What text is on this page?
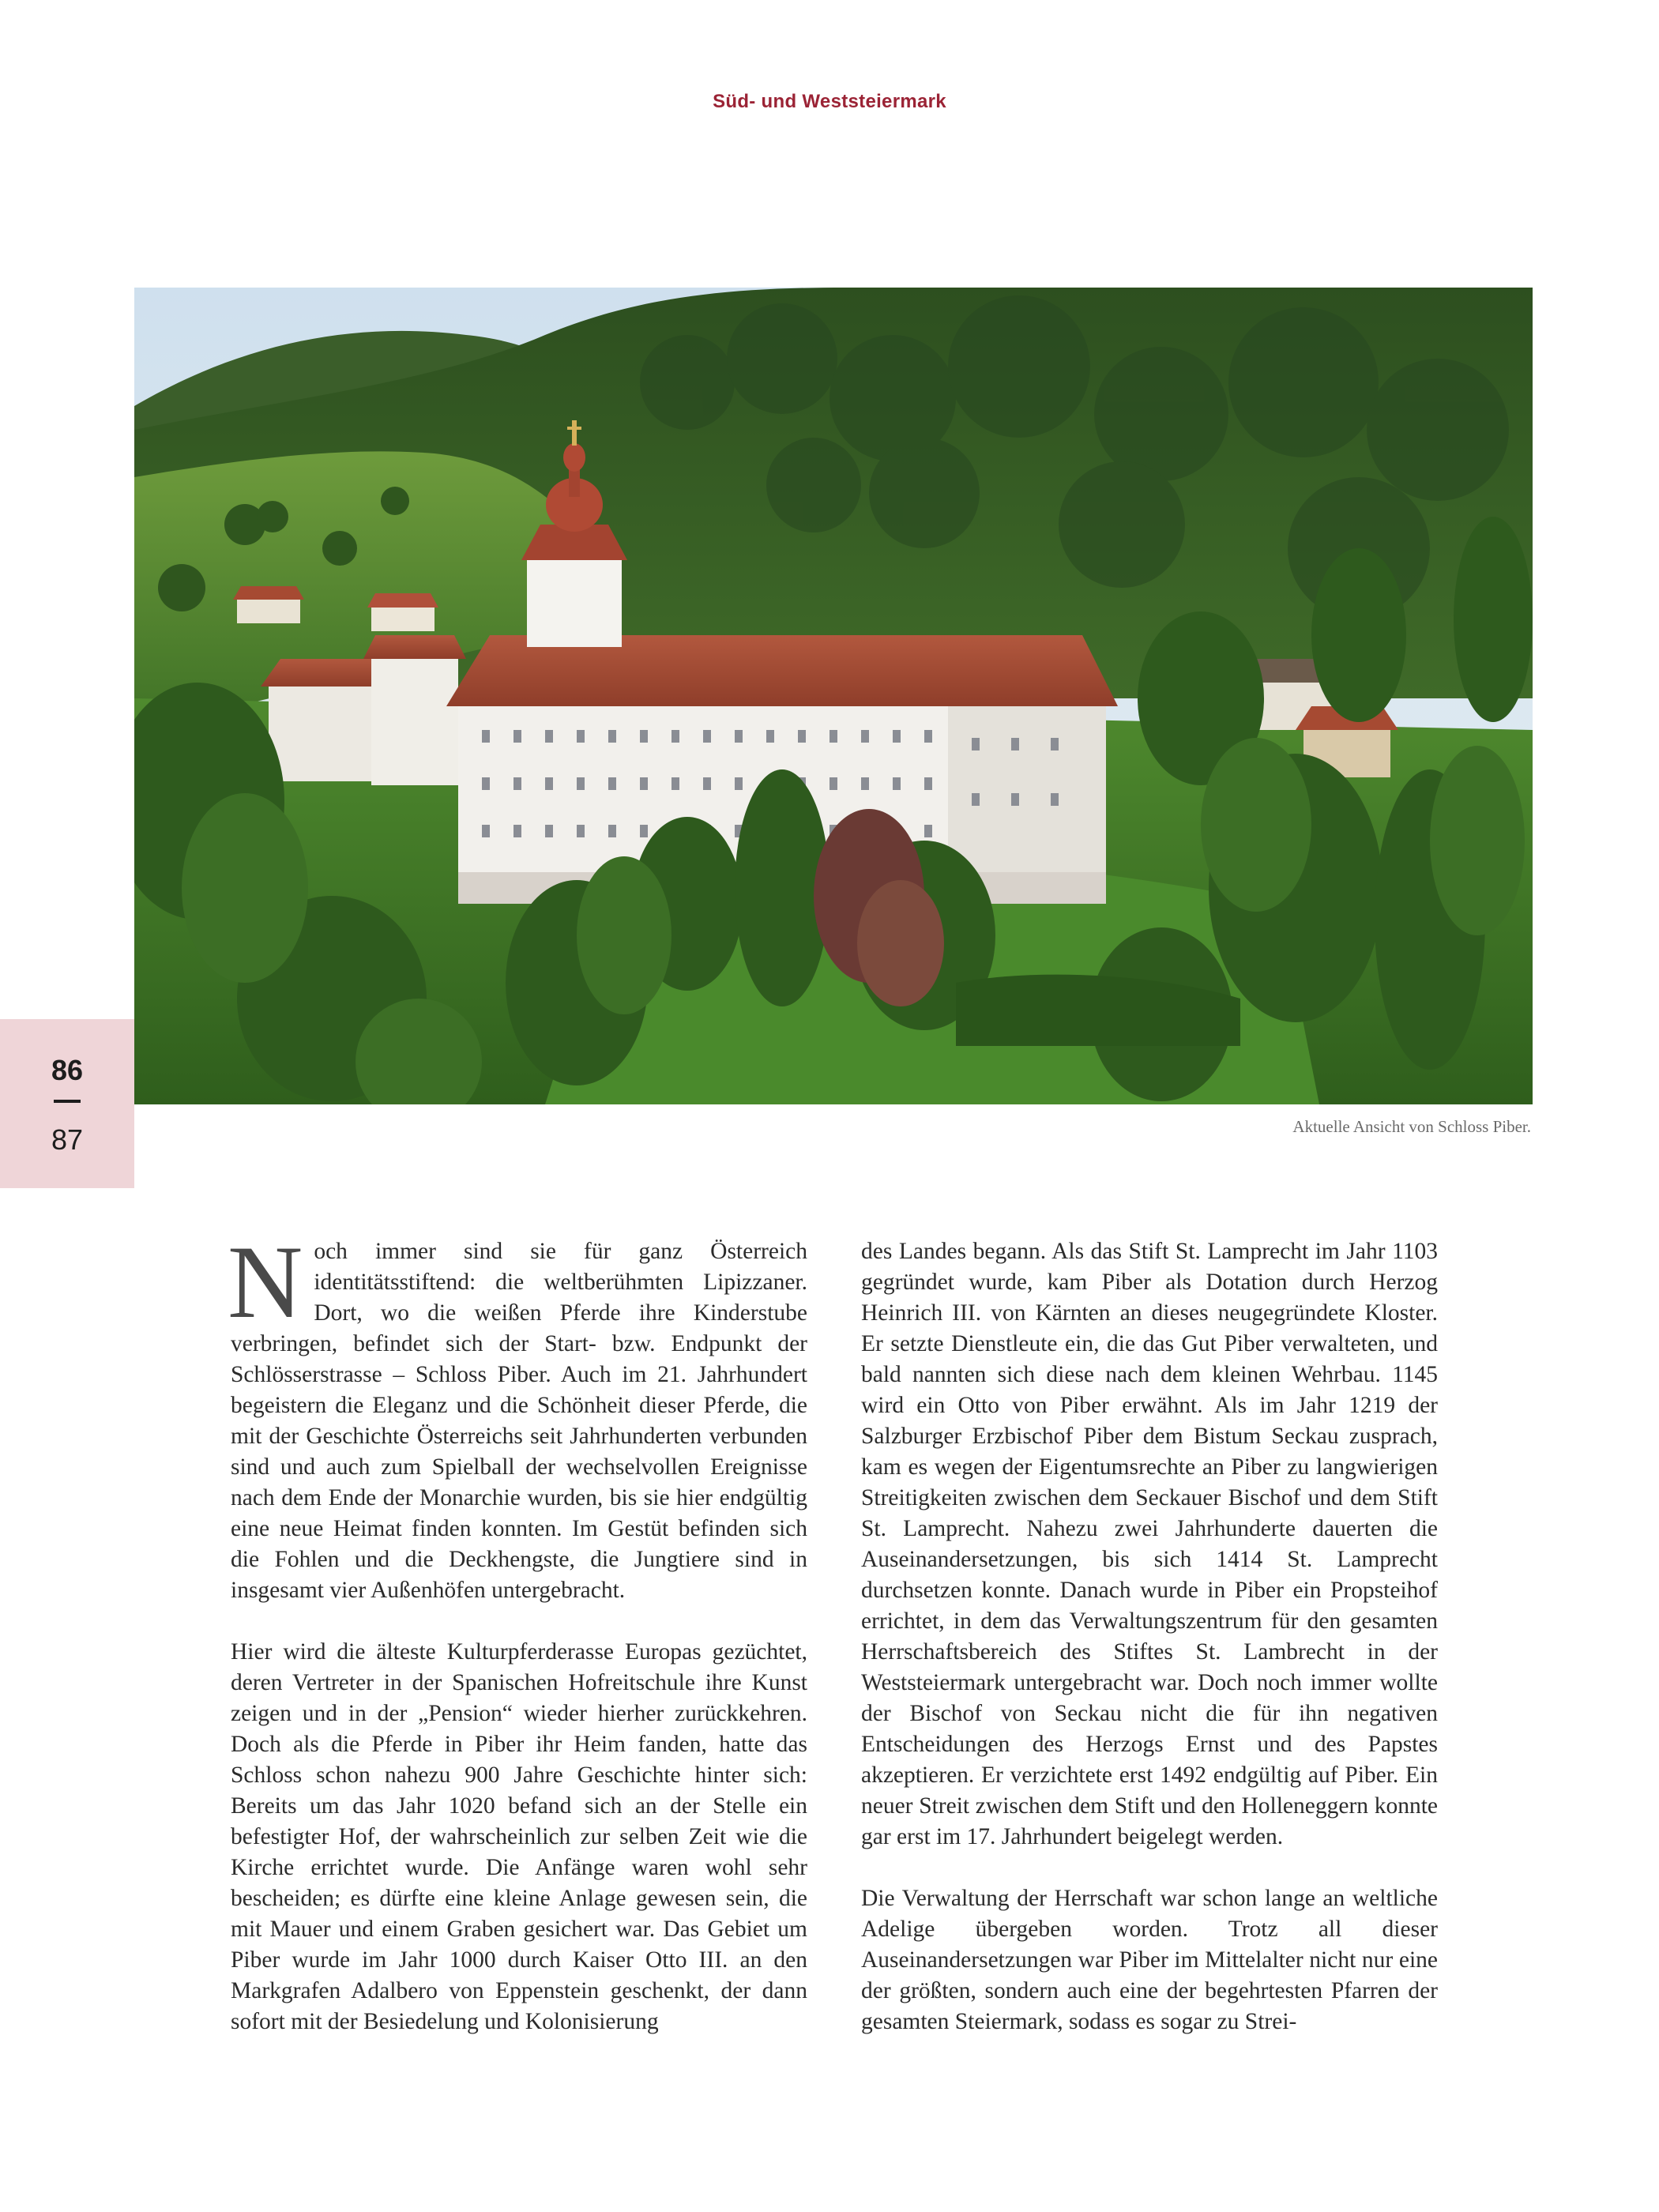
Süd- und Weststeiermark
Aktuelle Ansicht von Schloss Piber.
86
87

Noch immer sind sie für ganz Österreich identitätsstiftend: die weltberühmten Lipizzaner. Dort, wo die weißen Pferde ihre Kinderstube verbringen, befindet sich der Start- bzw. Endpunkt der Schlösserstrasse – Schloss Piber. Auch im 21. Jahrhundert begeistern die Eleganz und die Schönheit dieser Pferde, die mit der Geschichte Österreichs seit Jahrhunderten verbunden sind und auch zum Spielball der wechselvollen Ereignisse nach dem Ende der Monarchie wurden, bis sie hier endgültig eine neue Heimat finden konnten. Im Gestüt befinden sich die Fohlen und die Deckhengste, die Jungtiere sind in insgesamt vier Außenhöfen untergebracht.

Hier wird die älteste Kulturpferderasse Europas gezüchtet, deren Vertreter in der Spanischen Hofreitschule ihre Kunst zeigen und in der „Pension“ wieder hierher zurückkehren. Doch als die Pferde in Piber ihr Heim fanden, hatte das Schloss schon nahezu 900 Jahre Geschichte hinter sich: Bereits um das Jahr 1020 befand sich an der Stelle ein befestigter Hof, der wahrscheinlich zur selben Zeit wie die Kirche errichtet wurde. Die Anfänge waren wohl sehr bescheiden; es dürfte eine kleine Anlage gewesen sein, die mit Mauer und einem Graben gesichert war. Das Gebiet um Piber wurde im Jahr 1000 durch Kaiser Otto III. an den Markgrafen Adalbero von Eppenstein geschenkt, der dann sofort mit der Besiedelung und Kolonisierung

des Landes begann. Als das Stift St. Lamprecht im Jahr 1103 gegründet wurde, kam Piber als Dotation durch Herzog Heinrich III. von Kärnten an dieses neugegründete Kloster. Er setzte Dienstleute ein, die das Gut Piber verwalteten, und bald nannten sich diese nach dem kleinen Wehrbau. 1145 wird ein Otto von Piber erwähnt. Als im Jahr 1219 der Salzburger Erzbischof Piber dem Bistum Seckau zusprach, kam es wegen der Eigentumsrechte an Piber zu langwierigen Streitigkeiten zwischen dem Seckauer Bischof und dem Stift St. Lamprecht. Nahezu zwei Jahrhunderte dauerten die Auseinandersetzungen, bis sich 1414 St. Lamprecht durchsetzen konnte. Danach wurde in Piber ein Propsteihof errichtet, in dem das Verwaltungszentrum für den gesamten Herrschaftsbereich des Stiftes St. Lambrecht in der Weststeiermark untergebracht war. Doch noch immer wollte der Bischof von Seckau nicht die für ihn negativen Entscheidungen des Herzogs Ernst und des Papstes akzeptieren. Er verzichtete erst 1492 endgültig auf Piber. Ein neuer Streit zwischen dem Stift und den Holleneggern konnte gar erst im 17. Jahrhundert beigelegt werden.

Die Verwaltung der Herrschaft war schon lange an weltliche Adelige übergeben worden. Trotz all dieser Auseinandersetzungen war Piber im Mittelalter nicht nur eine der größten, sondern auch eine der begehrtesten Pfarren der gesamten Steiermark, sodass es sogar zu Strei-
